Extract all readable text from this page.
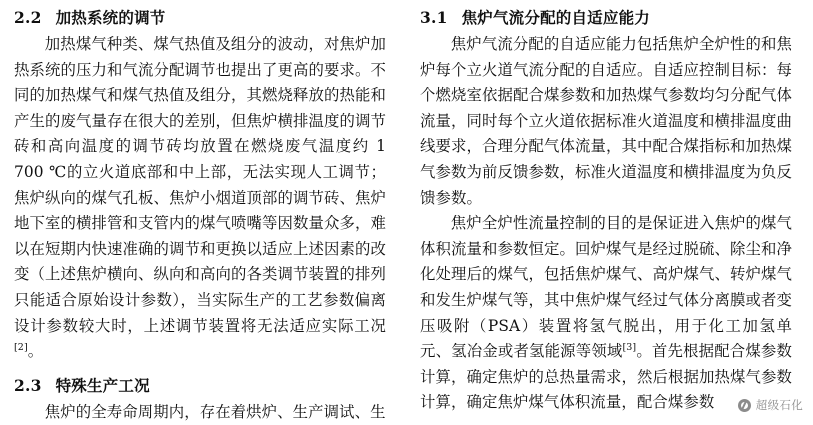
2.2 加热系统的调节

加热煤气种类、煤气热值及组分的波动，对焦炉加热系统的压力和气流分配调节也提出了更高的要求。不同的加热煤气和煤气热值及组分，其燃烧释放的热能和产生的废气量存在很大的差别，但焦炉横排温度的调节砖和高向温度的调节砖均放置在燃烧废气温度约 1 700 ℃的立火道底部和中上部，无法实现人工调节；焦炉纵向的煤气孔板、焦炉小烟道顶部的调节砖、焦炉地下室的横排管和支管内的煤气喷嘴等因数量众多，难以在短期内快速准确的调节和更换以适应上述因素的改变（上述焦炉横向、纵向和高向的各类调节装置的排列只能适合原始设计参数），当实际生产的工艺参数偏离设计参数较大时，上述调节装置将无法适应实际工况[2]。

2.3 特殊生产工况

焦炉的全寿命周期内，存在着烘炉、生产调试、生

3.1 焦炉气流分配的自适应能力

焦炉气流分配的自适应能力包括焦炉全炉性的和焦炉每个立火道气流分配的自适应。自适应控制目标：每个燃烧室依据配合煤参数和加热煤气参数均匀分配气体流量，同时每个立火道依据标准火道温度和横排温度曲线要求，合理分配气体流量，其中配合煤指标和加热煤气参数为前反馈参数，标准火道温度和横排温度为负反馈参数。

焦炉全炉性流量控制的目的是保证进入焦炉的煤气体积流量和参数恒定。回炉煤气是经过脱硫、除尘和净化处理后的煤气，包括焦炉煤气、高炉煤气、转炉煤气和发生炉煤气等，其中焦炉煤气经过气体分离膜或者变压吸附（PSA）装置将氢气脱出，用于化工加氢单元、氢冶金或者氢能源等领域[3]。首先根据配合煤参数计算，确定焦炉的总热量需求，然后根据加热煤气参数计算，确定焦炉煤气体积流量，配合煤参数	超级石化
